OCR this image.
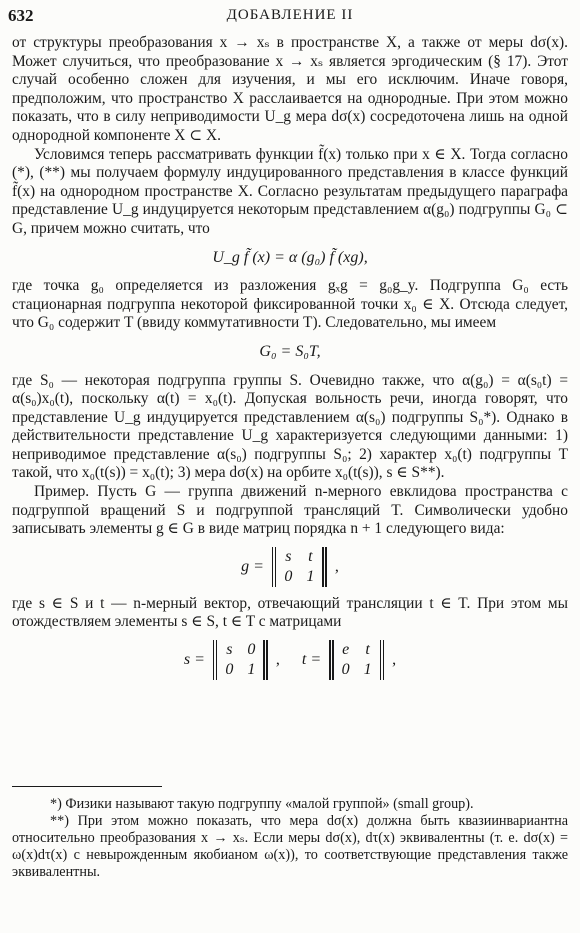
632	ДОБАВЛЕНИЕ II

от структуры преобразования x → xₛ в пространстве X, а также от меры dσ(x). Может случиться, что преобразование x → xₛ является эргодическим (§ 17). Этот случай особенно сложен для изучения, и мы его исключим. Иначе говоря, предположим, что пространство X расслаивается на однородные. При этом можно показать, что в силу неприводимости U_g мера dσ(x) сосредоточена лишь на одной однородной компоненте X ⊂ X.

Условимся теперь рассматривать функции f̃(x) только при x ∈ X. Тогда согласно (*), (**) мы получаем формулу индуцированного представления в классе функций f̃(x) на однородном пространстве X. Согласно результатам предыдущего параграфа представление U_g индуцируется некоторым представлением α(g₀) подгруппы G₀ ⊂ G, причем можно считать, что

U_g f̃ (x) = α (g₀) f̃ (xg),

где точка g₀ определяется из разложения gₓg = g₀g_y. Подгруппа G₀ есть стационарная подгруппа некоторой фиксированной точки x₀ ∈ X. Отсюда следует, что G₀ содержит T (ввиду коммутативности T). Следовательно, мы имеем

G₀ = S₀T,

где S₀ — некоторая подгруппа группы S. Очевидно также, что α(g₀) = α(s₀t) = α(s₀)x₀(t), поскольку α(t) = x₀(t). Допуская вольность речи, иногда говорят, что представление U_g индуцируется представлением α(s₀) подгруппы S₀*). Однако в действительности представление U_g характеризуется следующими данными: 1) неприводимое представление α(s₀) подгруппы S₀; 2) характер x₀(t) подгруппы T такой, что x₀(t(s)) = x₀(t); 3) мера dσ(x) на орбите x₀(t(s)), s ∈ S**).

Пример. Пусть G — группа движений n-мерного евклидова пространства с подгруппой вращений S и подгруппой трансляций T. Символически удобно записывать элементы g ∈ G в виде матриц порядка n + 1 следующего вида:

g =
s t
0 1
,

где s ∈ S и t — n-мерный вектор, отвечающий трансляции t ∈ T. При этом мы отождествляем элементы s ∈ S, t ∈ T с матрицами

s =
s 0
0 1
, t =
e t
0 1
,

*) Физики называют такую подгруппу «малой группой» (small group).

**) При этом можно показать, что мера dσ(x) должна быть квазиинвариантна относительно преобразования x → xₛ. Если меры dσ(x), dτ(x) эквивалентны (т. е. dσ(x) = ω(x)dτ(x) с невырожденным якобианом ω(x)), то соответствующие представления также эквивалентны.
